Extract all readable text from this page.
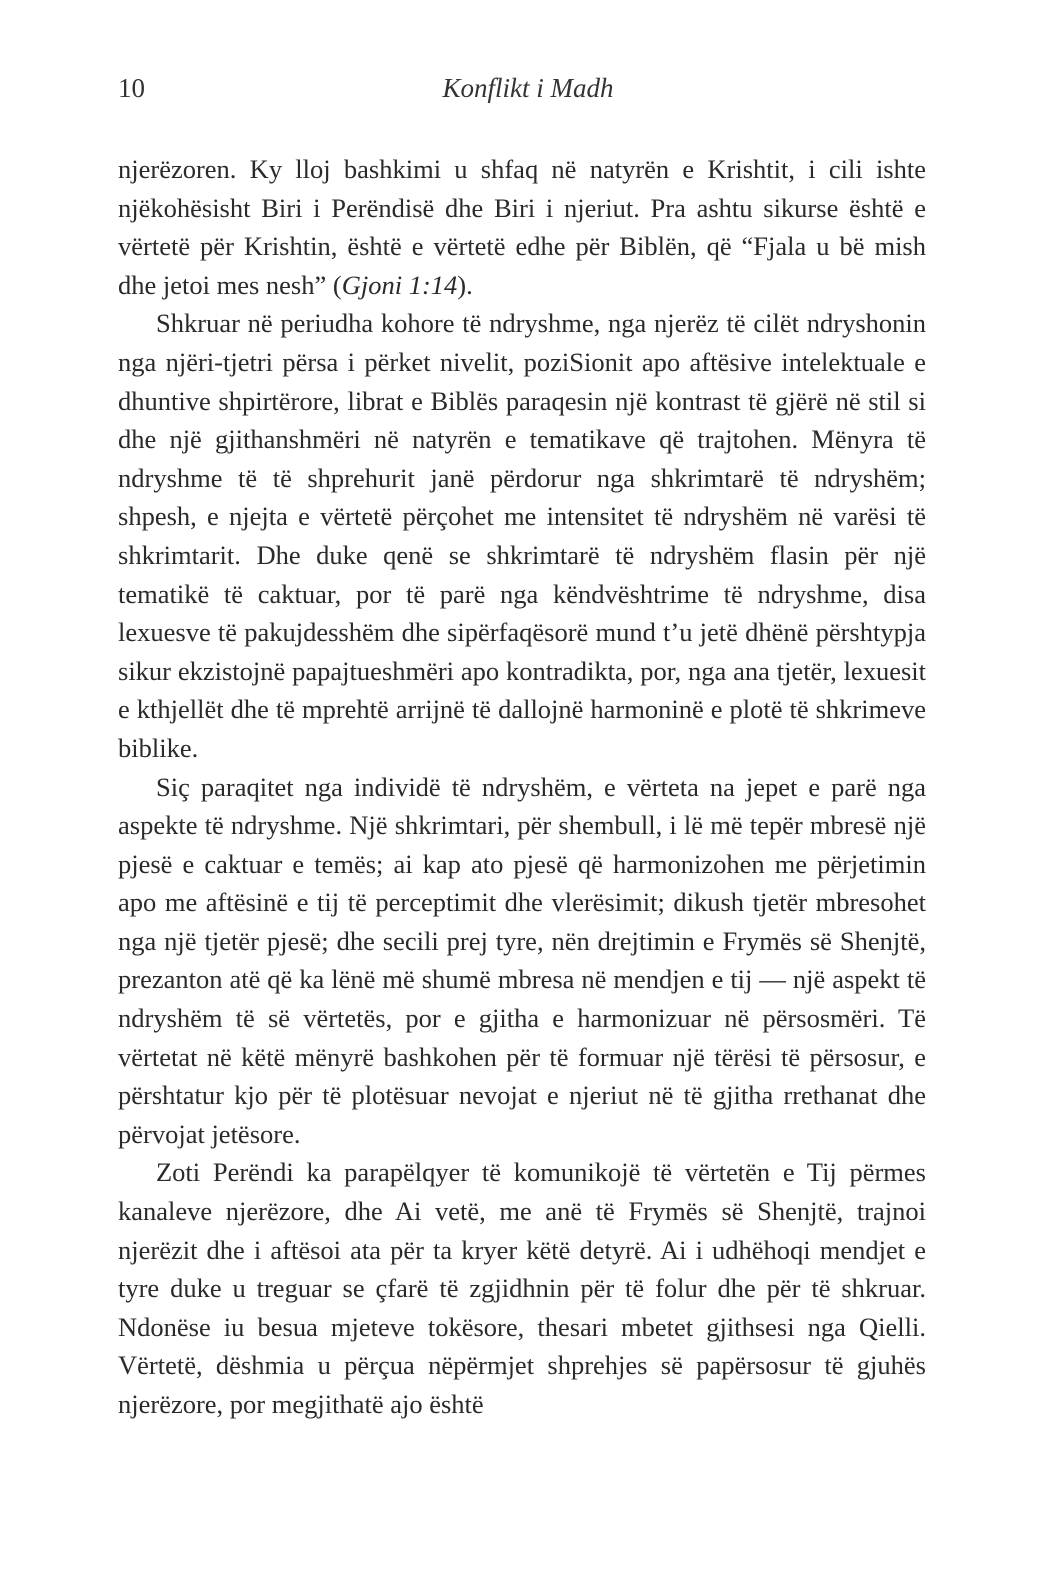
10	Konflikt i Madh

njerëzoren. Ky lloj bashkimi u shfaq në natyrën e Krishtit, i cili ishte njëkohësisht Biri i Perëndisë dhe Biri i njeriut. Pra ashtu sikurse është e vërtetë për Krishtin, është e vërtetë edhe për Biblën, që “Fjala u bë mish dhe jetoi mes nesh” (Gjoni 1:14).

Shkruar në periudha kohore të ndryshme, nga njerëz të cilët ndryshonin nga njëri-tjetri përsa i përket nivelit, poziSionit apo aftësive intelektuale e dhuntive shpirtërore, librat e Biblës paraqesin një kontrast të gjërë në stil si dhe një gjithanshmëri në natyrën e tematikave që trajtohen. Mënyra të ndryshme të të shprehurit janë përdorur nga shkrimtarë të ndryshëm; shpesh, e njejta e vërtetë përçohet me intensitet të ndryshëm në varësi të shkrimtarit. Dhe duke qenë se shkrimtarë të ndryshëm flasin për një tematikë të caktuar, por të parë nga këndvështrime të ndryshme, disa lexuesve të pakujdesshëm dhe sipërfaqësorë mund t’u jetë dhënë përshtypja sikur ekzistojnë papajtueshmëri apo kontradikta, por, nga ana tjetër, lexuesit e kthjellët dhe të mprehtë arrijnë të dallojnë harmoninë e plotë të shkrimeve biblike.

Siç paraqitet nga individë të ndryshëm, e vërteta na jepet e parë nga aspekte të ndryshme. Një shkrimtari, për shembull, i lë më tepër mbresë një pjesë e caktuar e temës; ai kap ato pjesë që harmonizohen me përjetimin apo me aftësinë e tij të perceptimit dhe vlerësimit; dikush tjetër mbresohet nga një tjetër pjesë; dhe secili prej tyre, nën drejtimin e Frymës së Shenjtë, prezanton atë që ka lënë më shumë mbresa në mendjen e tij — një aspekt të ndryshëm të së vërtetës, por e gjitha e harmonizuar në përsosmëri. Të vërtetat në këtë mënyrë bashkohen për të formuar një tërësi të përsosur, e përshtatur kjo për të plotësuar nevojat e njeriut në të gjitha rrethanat dhe përvojat jetësore.

Zoti Perëndi ka parapëlqyer të komunikojë të vërtetën e Tij përmes kanaleve njerëzore, dhe Ai vetë, me anë të Frymës së Shenjtë, trajnoi njerëzit dhe i aftësoi ata për ta kryer këtë detyrë. Ai i udhëhoqi mendjet e tyre duke u treguar se çfarë të zgjidhnin për të folur dhe për të shkruar. Ndonëse iu besua mjeteve tokësore, thesari mbetet gjithsesi nga Qielli. Vërtetë, dëshmia u përçua nëpërmjet shprehjes së papërsosur të gjuhës njerëzore, por megjithatë ajo është
